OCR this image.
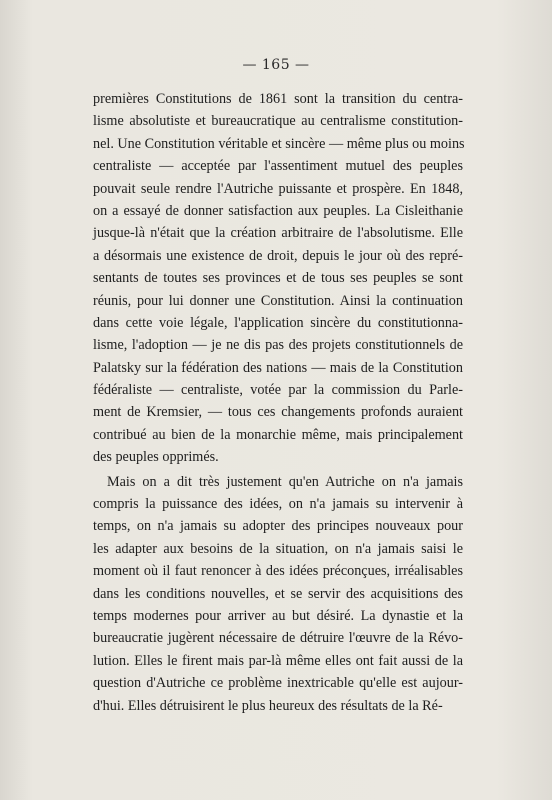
— 165 —
premières Constitutions de 1861 sont la transition du centra-
lisme absolutiste et bureaucratique au centralisme constitution-
nel. Une Constitution véritable et sincère — même plus ou moins
centraliste — acceptée par l'assentiment mutuel des peuples
pouvait seule rendre l'Autriche puissante et prospère. En 1848,
on a essayé de donner satisfaction aux peuples. La Cisleithanie
jusque-là n'était que la création arbitraire de l'absolutisme. Elle
a désormais une existence de droit, depuis le jour où des repré-
sentants de toutes ses provinces et de tous ses peuples se sont
réunis, pour lui donner une Constitution. Ainsi la continuation
dans cette voie légale, l'application sincère du constitutionna-
lisme, l'adoption — je ne dis pas des projets constitutionnels de
Palatsky sur la fédération des nations — mais de la Constitution
fédéraliste — centraliste, votée par la commission du Parle-
ment de Kremsier, — tous ces changements profonds auraient
contribué au bien de la monarchie même, mais principalement
des peuples opprimés.
Mais on a dit très justement qu'en Autriche on n'a jamais
compris la puissance des idées, on n'a jamais su intervenir à
temps, on n'a jamais su adopter des principes nouveaux pour
les adapter aux besoins de la situation, on n'a jamais saisi le
moment où il faut renoncer à des idées préconçues, irréalisables
dans les conditions nouvelles, et se servir des acquisitions des
temps modernes pour arriver au but désiré. La dynastie et la
bureaucratie jugèrent nécessaire de détruire l'œuvre de la Révo-
lution. Elles le firent mais par-là même elles ont fait aussi de la
question d'Autriche ce problème inextricable qu'elle est aujour-
d'hui. Elles détruisirent le plus heureux des résultats de la Ré-
